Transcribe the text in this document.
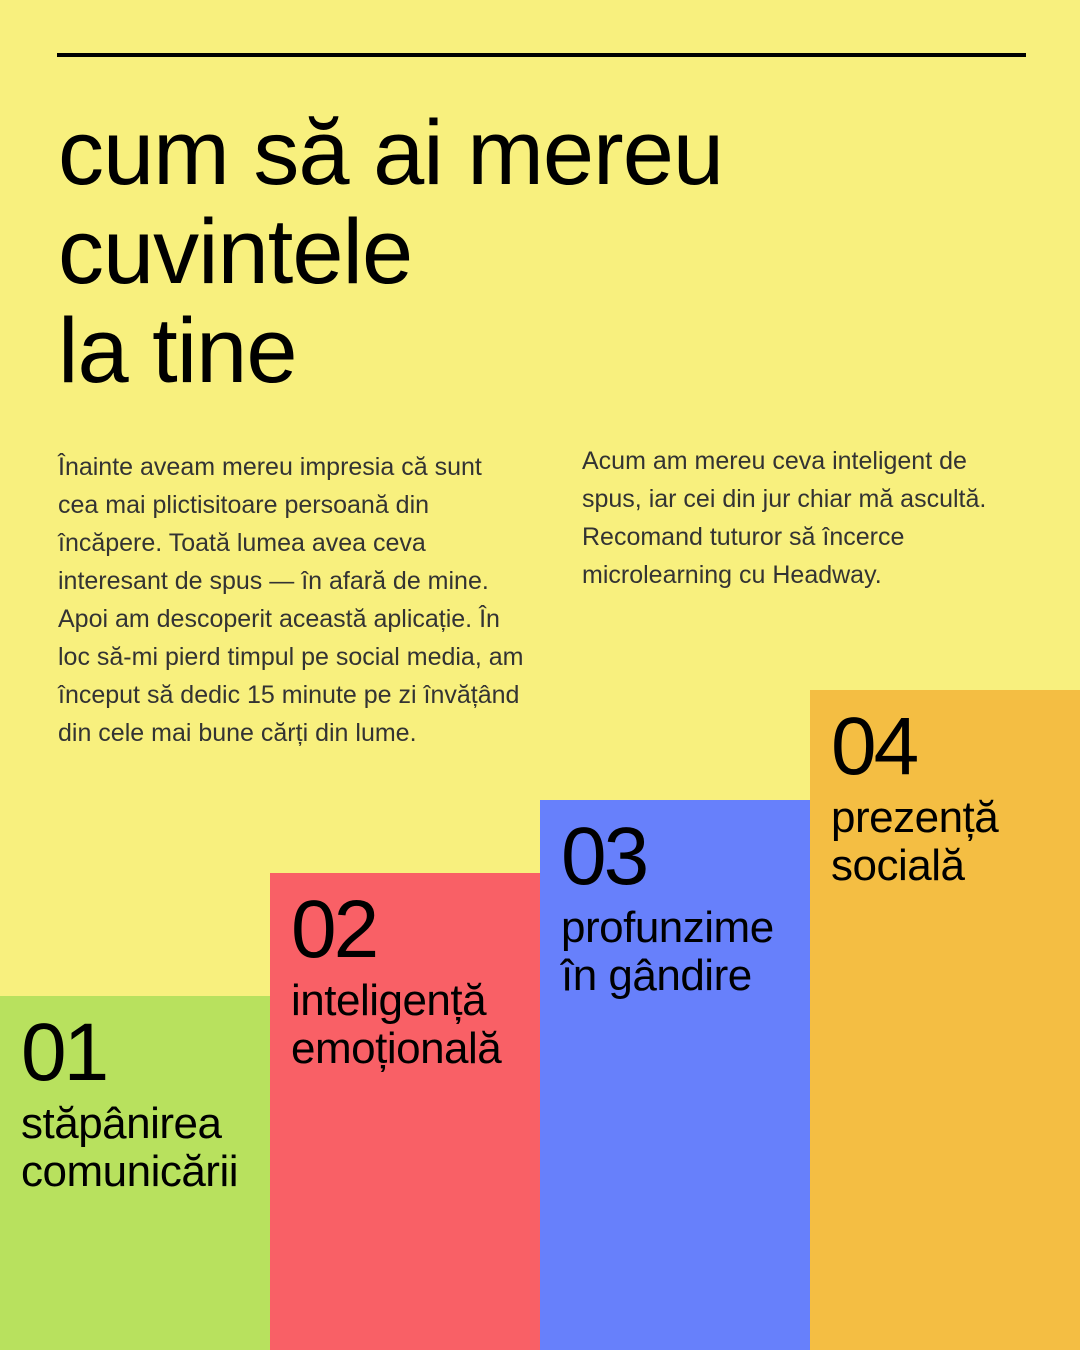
cum să ai mereu
cuvintele
la tine

Înainte aveam mereu impresia că sunt cea mai plictisitoare persoană din încăpere. Toată lumea avea ceva interesant de spus — în afară de mine. Apoi am descoperit această aplicație. În loc să-mi pierd timpul pe social media, am început să dedic 15 minute pe zi învățând din cele mai bune cărți din lume.

Acum am mereu ceva inteligent de spus, iar cei din jur chiar mă ascultă. Recomand tuturor să încerce microlearning cu Headway.

01
stăpânirea
comunicării
02
inteligență
emoțională
03
profunzime
în gândire
04
prezență
socială
